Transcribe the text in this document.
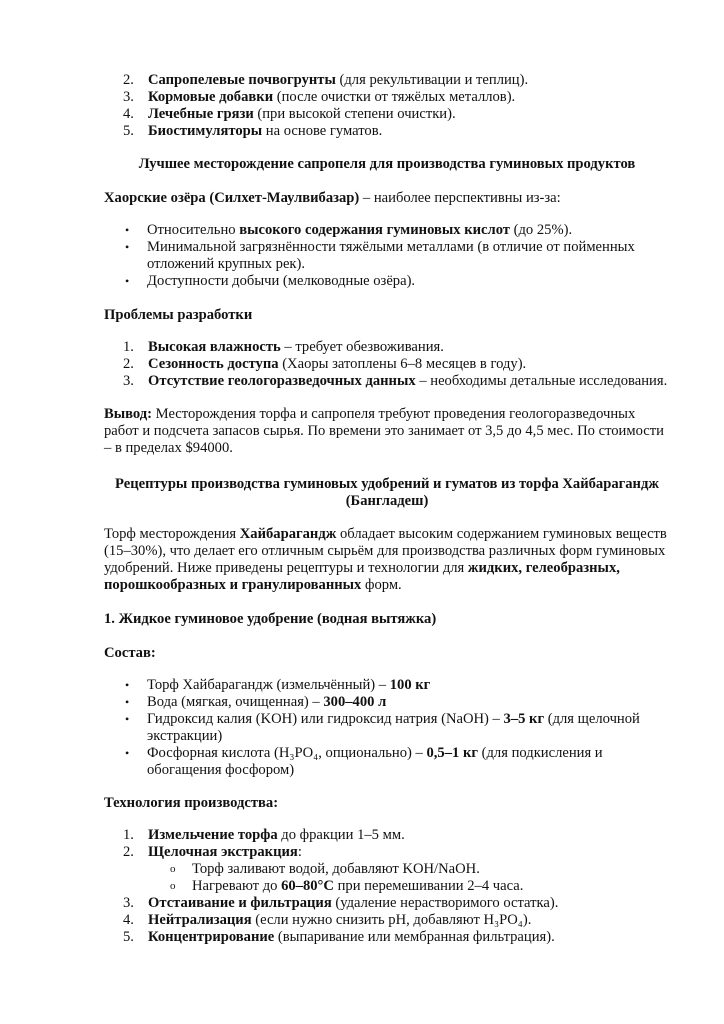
2. Сапропелевые почвогрунты (для рекультивации и теплиц).
3. Кормовые добавки (после очистки от тяжёлых металлов).
4. Лечебные грязи (при высокой степени очистки).
5. Биостимуляторы на основе гуматов.

Лучшее месторождение сапропеля для производства гуминовых продуктов

Хаорские озёра (Силхет-Маулвибазар) – наиболее перспективны из-за:

• Относительно высокого содержания гуминовых кислот (до 25%).
• Минимальной загрязнённости тяжёлыми металлами (в отличие от пойменных отложений крупных рек).
• Доступности добычи (мелководные озёра).

Проблемы разработки

1. Высокая влажность – требует обезвоживания.
2. Сезонность доступа (Хаоры затоплены 6–8 месяцев в году).
3. Отсутствие геологоразведочных данных – необходимы детальные исследования.

Вывод: Месторождения торфа и сапропеля требуют проведения геологоразведочных работ и подсчета запасов сырья. По времени это занимает от 3,5 до 4,5 мес. По стоимости – в пределах $94000.

Рецептуры производства гуминовых удобрений и гуматов из торфа Хайбарагандж

(Бангладеш)

Торф месторождения Хайбарагандж обладает высоким содержанием гуминовых веществ (15–30%), что делает его отличным сырьём для производства различных форм гуминовых удобрений. Ниже приведены рецептуры и технологии для жидких, гелеобразных, порошкообразных и гранулированных форм.

1. Жидкое гуминовое удобрение (водная вытяжка)

Состав:

• Торф Хайбарагандж (измельчённый) – 100 кг
• Вода (мягкая, очищенная) – 300–400 л
• Гидроксид калия (KOH) или гидроксид натрия (NaOH) – 3–5 кг (для щелочной экстракции)
• Фосфорная кислота (H₃PO₄, опционально) – 0,5–1 кг (для подкисления и обогащения фосфором)

Технология производства:

1. Измельчение торфа до фракции 1–5 мм.
2. Щелочная экстракция:
o Торф заливают водой, добавляют KOH/NaOH.
o Нагревают до 60–80°C при перемешивании 2–4 часа.
3. Отстаивание и фильтрация (удаление нерастворимого остатка).
4. Нейтрализация (если нужно снизить pH, добавляют H₃PO₄).
5. Концентрирование (выпаривание или мембранная фильтрация).
